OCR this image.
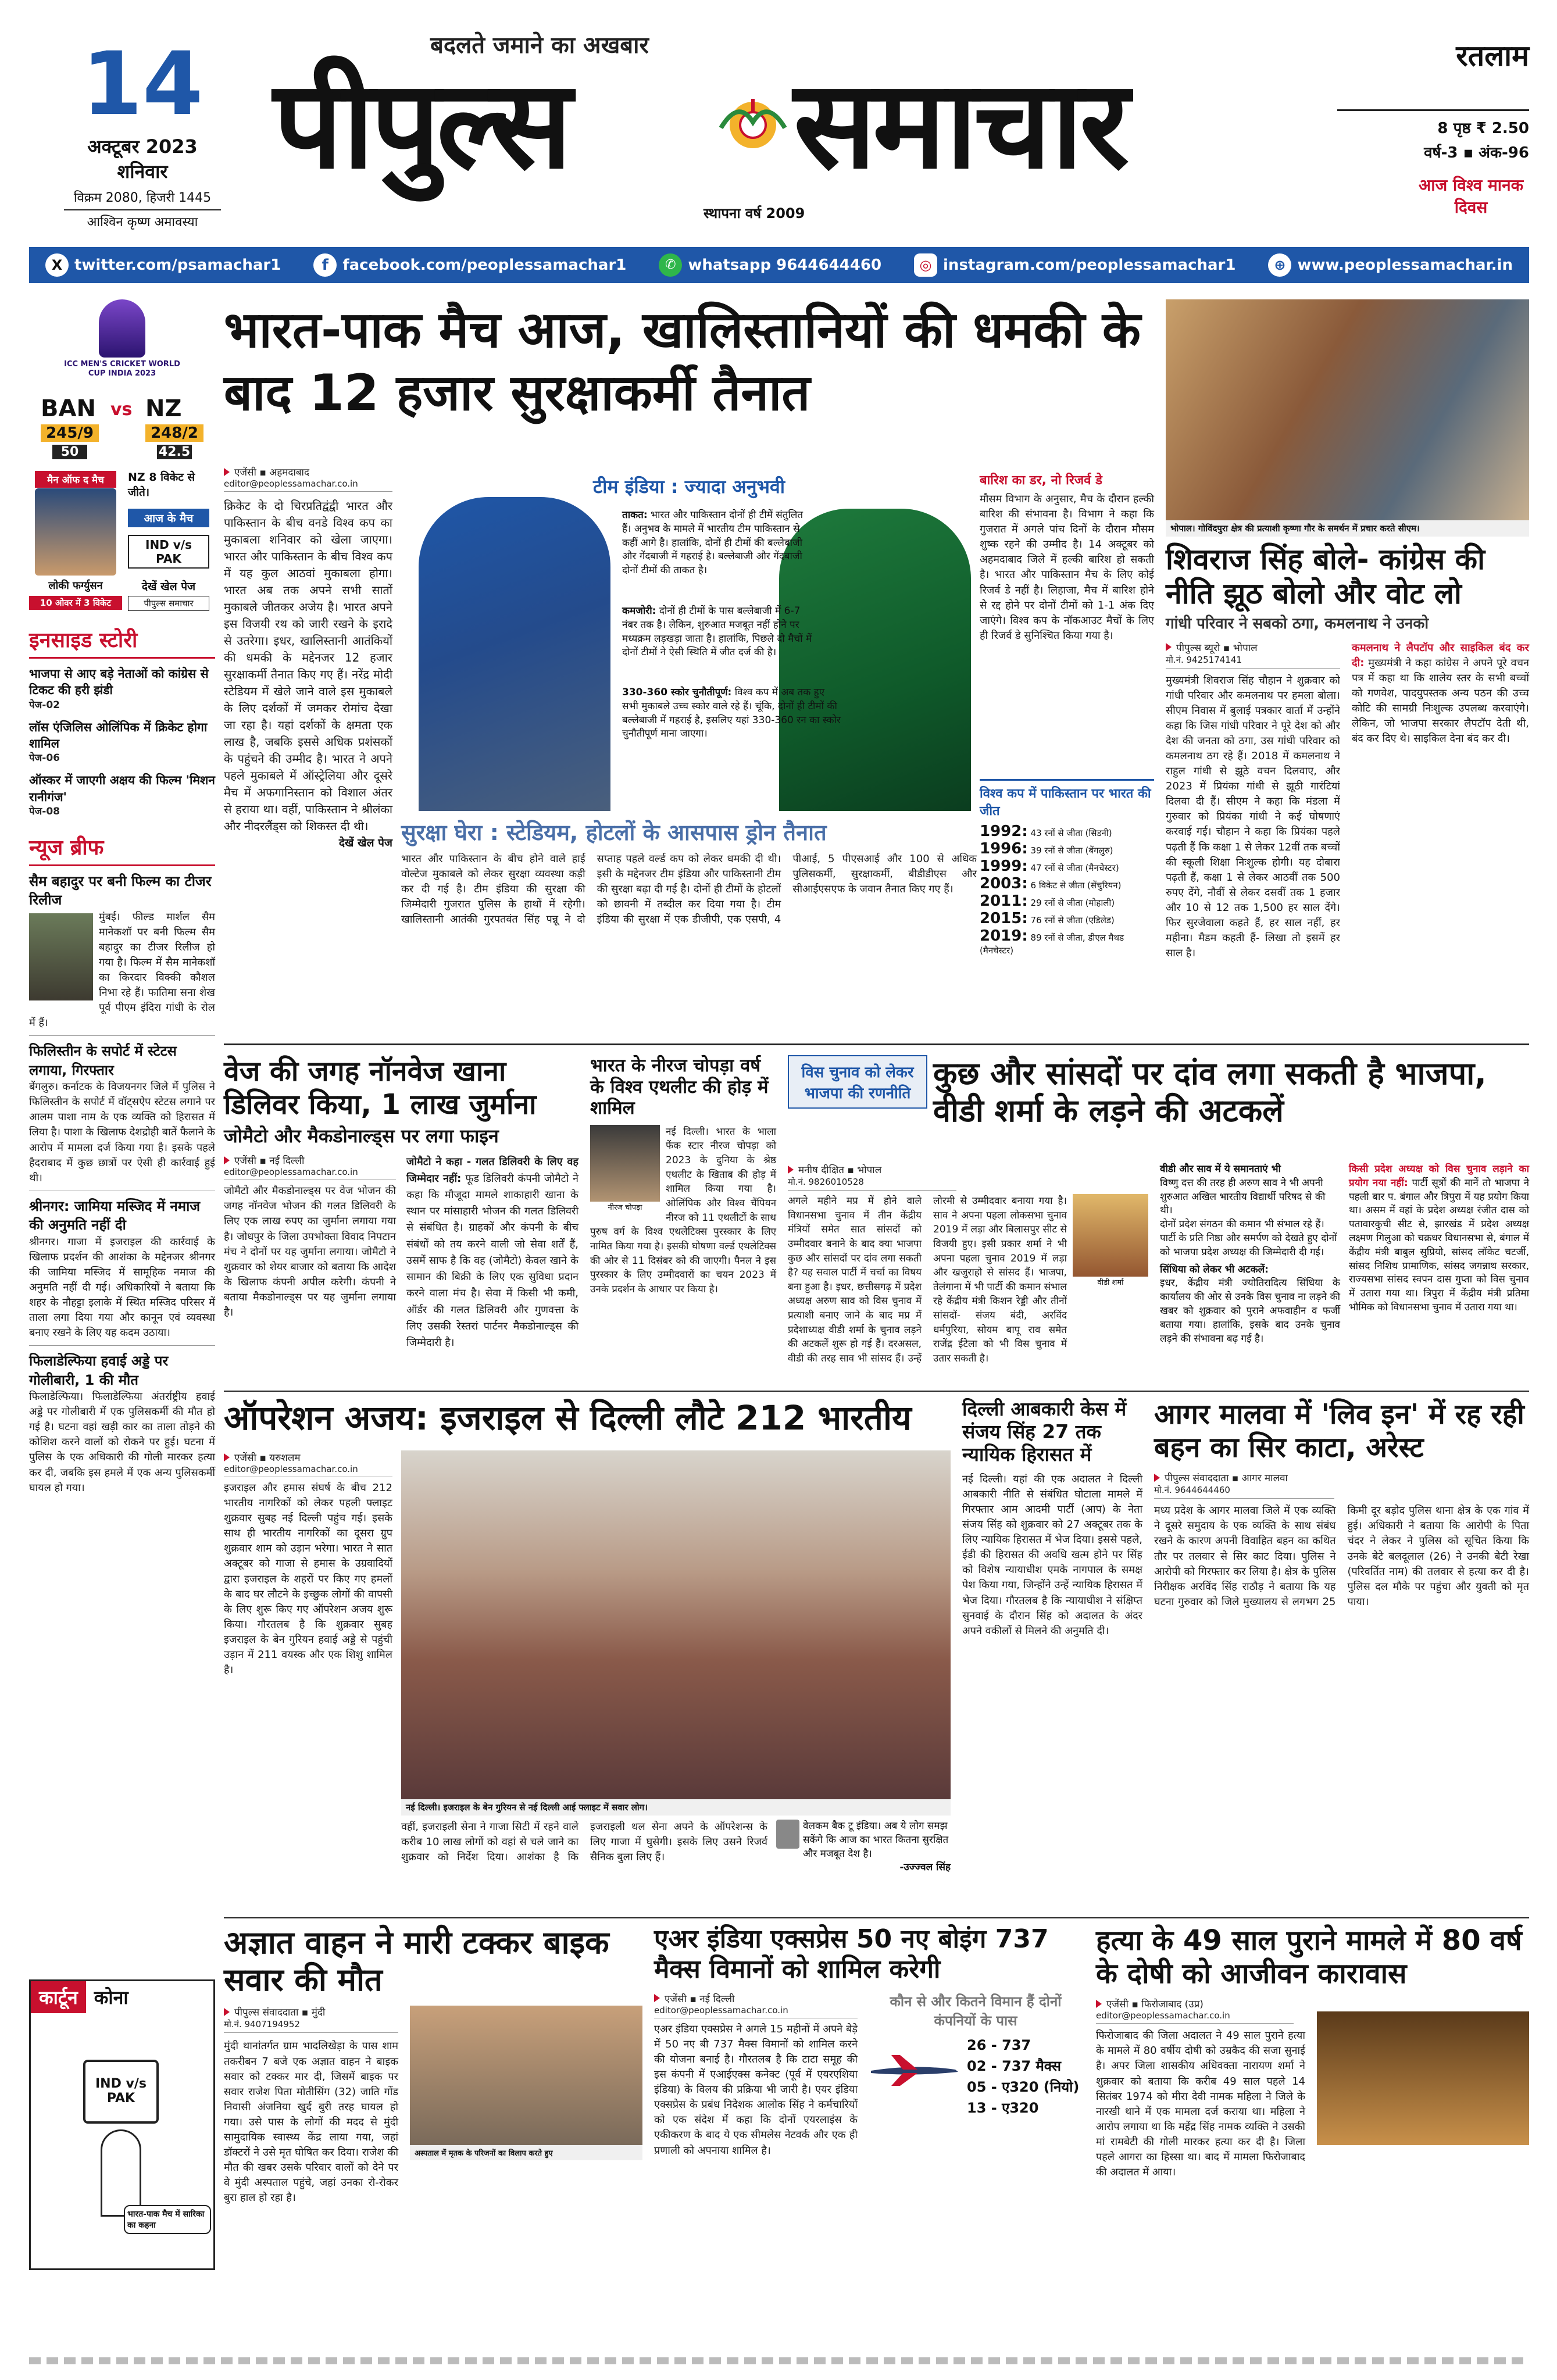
14
अक्टूबर 2023
शनिवार
विक्रम 2080, हिजरी 1445
आश्विन कृष्ण अमावस्या
बदलते जमाने का अखबार
पीपुल्स समाचार
स्थापना वर्ष 2009
रतलाम
8 पृष्ठ ₹ 2.50
वर्ष-3 ▪ अंक-96
आज विश्व मानक दिवस
X twitter.com/psamachar1	f facebook.com/peoplessamachar1	✆ whatsapp 9644644460	◎ instagram.com/peoplessamachar1	⊕ www.peoplessamachar.in
ICC MEN'S CRICKET WORLD CUP INDIA 2023
BAN vs NZ
245/9	248/2
50	42.5
मैन ऑफ द मैच	NZ 8 विकेट से जीते।
आज के मैच
IND v/s PAK
लोकी फर्ग्युसन	देखें खेल पेज
10 ओवर में 3 विकेट	पीपुल्स समाचार
इनसाइड स्टोरी
भाजपा से आए बड़े नेताओं को कांग्रेस से टिकट की हरी झंडी
पेज-02
लॉस एंजिलिस ओलिंपिक में क्रिकेट होगा शामिल
पेज-06
ऑस्कर में जाएगी अक्षय की फिल्म 'मिशन रानीगंज'
पेज-08
न्यूज ब्रीफ
सैम बहादुर पर बनी फिल्म का टीजर रिलीज
मुंबई। फील्ड मार्शल सैम मानेकशॉ पर बनी फिल्म सैम बहादुर का टीजर रिलीज हो गया है। फिल्म में सैम मानेकशॉ का किरदार विक्की कौशल निभा रहे हैं। फातिमा सना शेख पूर्व पीएम इंदिरा गांधी के रोल में हैं।
फिलिस्तीन के सपोर्ट में स्टेटस लगाया, गिरफ्तार
बेंगलुरु। कर्नाटक के विजयनगर जिले में पुलिस ने फिलिस्तीन के सपोर्ट में वॉट्सऐप स्टेटस लगाने पर आलम पाशा नाम के एक व्यक्ति को हिरासत में लिया है। पाशा के खिलाफ देशद्रोही बातें फैलाने के आरोप में मामला दर्ज किया गया है। इसके पहले हैदराबाद में कुछ छात्रों पर ऐसी ही कार्रवाई हुई थी।
श्रीनगर: जामिया मस्जिद में नमाज की अनुमति नहीं दी
श्रीनगर। गाजा में इजराइल की कार्रवाई के खिलाफ प्रदर्शन की आशंका के मद्देनजर श्रीनगर की जामिया मस्जिद में सामूहिक नमाज की अनुमति नहीं दी गई। अधिकारियों ने बताया कि शहर के नौहट्टा इलाके में स्थित मस्जिद परिसर में ताला लगा दिया गया और कानून एवं व्यवस्था बनाए रखने के लिए यह कदम उठाया।
फिलाडेल्फिया हवाई अड्डे पर गोलीबारी, 1 की मौत
फिलाडेल्फिया। फिलाडेल्फिया अंतर्राष्ट्रीय हवाई अड्डे पर गोलीबारी में एक पुलिसकर्मी की मौत हो गई है। घटना वहां खड़ी कार का ताला तोड़ने की कोशिश करने वालों को रोकने पर हुई। घटना में पुलिस के एक अधिकारी की गोली मारकर हत्या कर दी, जबकि इस हमले में एक अन्य पुलिसकर्मी घायल हो गया।
कार्टून कोना
IND v/s PAK
भारत-पाक मैच में सारिका का कहना
भारत-पाक मैच आज, खालिस्तानियों की धमकी के बाद 12 हजार सुरक्षाकर्मी तैनात
एजेंसी ▪ अहमदाबाद
editor@peoplessamachar.co.in
क्रिकेट के दो चिरप्रतिद्वंद्वी भारत और पाकिस्तान के बीच वनडे विश्व कप का मुकाबला शनिवार को खेला जाएगा। भारत और पाकिस्तान के बीच विश्व कप में यह कुल आठवां मुकाबला होगा। भारत अब तक अपने सभी सातों मुकाबले जीतकर अजेय है। भारत अपने इस विजयी रथ को जारी रखने के इरादे से उतरेगा। इधर, खालिस्तानी आतंकियों की धमकी के मद्देनजर 12 हजार सुरक्षाकर्मी तैनात किए गए हैं। नरेंद्र मोदी स्टेडियम में खेले जाने वाले इस मुकाबले के लिए दर्शकों में जमकर रोमांच देखा जा रहा है। यहां दर्शकों के क्षमता एक लाख है, जबकि इससे अधिक प्रशंसकों के पहुंचने की उम्मीद है। भारत ने अपने पहले मुकाबले में ऑस्ट्रेलिया और दूसरे मैच में अफगानिस्तान को विशाल अंतर से हराया था। वहीं, पाकिस्तान ने श्रीलंका और नीदरलैंड्स को शिकस्त दी थी।
देखें खेल पेज
टीम इंडिया : ज्यादा अनुभवी
ताकत: भारत और पाकिस्तान दोनों ही टीमें संतुलित हैं। अनुभव के मामले में भारतीय टीम पाकिस्तान से कहीं आगे है। हालांकि, दोनों ही टीमों की बल्लेबाजी और गेंदबाजी में गहराई है। बल्लेबाजी और गेंदबाजी दोनों टीमों की ताकत है।
कमजोरी: दोनों ही टीमों के पास बल्लेबाजी में 6-7 नंबर तक है। लेकिन, शुरुआत मजबूत नहीं होने पर मध्यक्रम लड़खड़ा जाता है। हालांकि, पिछले दो मैचों में दोनों टीमों ने ऐसी स्थिति में जीत दर्ज की है।
330-360 स्कोर चुनौतीपूर्ण: विश्व कप में अब तक हुए सभी मुकाबले उच्च स्कोर वाले रहे हैं। चूंकि, दोनों ही टीमों की बल्लेबाजी में गहराई है, इसलिए यहां 330-360 रन का स्कोर चुनौतीपूर्ण माना जाएगा।
बारिश का डर, नो रिजर्व डे
मौसम विभाग के अनुसार, मैच के दौरान हल्की बारिश की संभावना है। विभाग ने कहा कि गुजरात में अगले पांच दिनों के दौरान मौसम शुष्क रहने की उम्मीद है। 14 अक्टूबर को अहमदाबाद जिले में हल्की बारिश हो सकती है। भारत और पाकिस्तान मैच के लिए कोई रिजर्व डे नहीं है। लिहाजा, मैच में बारिश होने से रद्द होने पर दोनों टीमों को 1-1 अंक दिए जाएंगे। विश्व कप के नॉकआउट मैचों के लिए ही रिजर्व डे सुनिश्चित किया गया है।
विश्व कप में पाकिस्तान पर भारत की जीत
1992: 43 रनों से जीता (सिडनी)
1996: 39 रनों से जीता (बेंगलुरु)
1999: 47 रनों से जीता (मैनचेस्टर)
2003: 6 विकेट से जीता (सेंचुरियन)
2011: 29 रनों से जीता (मोहाली)
2015: 76 रनों से जीता (एडिलेड)
2019: 89 रनों से जीता, डीएल मैथड (मैनचेस्टर)
सुरक्षा घेरा : स्टेडियम, होटलों के आसपास ड्रोन तैनात
भारत और पाकिस्तान के बीच होने वाले हाई वोल्टेज मुकाबले को लेकर सुरक्षा व्यवस्था कड़ी कर दी गई है। टीम इंडिया की सुरक्षा की जिम्मेदारी गुजरात पुलिस के हाथों में रहेगी। खालिस्तानी आतंकी गुरपतवंत सिंह पन्नू ने दो सप्ताह पहले वर्ल्ड कप को लेकर धमकी दी थी। इसी के मद्देनजर टीम इंडिया और पाकिस्तानी टीम की सुरक्षा बढ़ा दी गई है। दोनों ही टीमों के होटलों को छावनी में तब्दील कर दिया गया है। टीम इंडिया की सुरक्षा में एक डीजीपी, एक एसपी, 4 पीआई, 5 पीएसआई और 100 से अधिक पुलिसकर्मी, सुरक्षाकर्मी, बीडीडीएस और सीआईएसएफ के जवान तैनात किए गए हैं।
भोपाल। गोविंदपुरा क्षेत्र की प्रत्याशी कृष्णा गौर के समर्थन में प्रचार करते सीएम।
शिवराज सिंह बोले- कांग्रेस की नीति झूठ बोलो और वोट लो
गांधी परिवार ने सबको ठगा, कमलनाथ ने उनको
पीपुल्स ब्यूरो ▪ भोपाल
मो.नं. 9425174141
मुख्यमंत्री शिवराज सिंह चौहान ने शुक्रवार को गांधी परिवार और कमलनाथ पर हमला बोला। सीएम निवास में बुलाई पत्रकार वार्ता में उन्होंने कहा कि जिस गांधी परिवार ने पूरे देश को और देश की जनता को ठगा, उस गांधी परिवार को कमलनाथ ठग रहे हैं। 2018 में कमलनाथ ने राहुल गांधी से झूठे वचन दिलवाए, और 2023 में प्रियंका गांधी से झूठी गारंटियां दिलवा दी हैं। सीएम ने कहा कि मंडला में गुरुवार को प्रियंका गांधी ने कई घोषणाएं करवाई गई। चौहान ने कहा कि प्रियंका पहले पढ़ती हैं कि कक्षा 1 से लेकर 12वीं तक बच्चों की स्कूली शिक्षा निःशुल्क होगी। यह दोबारा पढ़ती हैं, कक्षा 1 से लेकर आठवीं तक 500 रुपए देंगे, नौवीं से लेकर दसवीं तक 1 हजार और 10 से 12 तक 1,500 हर साल देंगे। फिर सुरजेवाला कहते हैं, हर साल नहीं, हर महीना। मैडम कहती हैं- लिखा तो इसमें हर साल है।
कमलनाथ ने लैपटॉप और साइकिल बंद कर दी: मुख्यमंत्री ने कहा कांग्रेस ने अपने पूरे वचन पत्र में कहा था कि शालेय स्तर के सभी बच्चों को गणवेश, पादयुपस्तक अन्य पठन की उच्च कोटि की सामग्री निःशुल्क उपलब्ध करवाएंगे। लेकिन, जो भाजपा सरकार लैपटॉप देती थी, बंद कर दिए थे। साइकिल देना बंद कर दी।
वेज की जगह नॉनवेज खाना डिलिवर किया, 1 लाख जुर्माना
जोमैटो और मैकडोनाल्ड्स पर लगा फाइन
एजेंसी ▪ नई दिल्ली
editor@peoplessamachar.co.in
जोमैटो और मैकडोनाल्ड्स पर वेज भोजन की जगह नॉनवेज भोजन की गलत डिलिवरी के लिए एक लाख रुपए का जुर्माना लगाया गया है। जोधपुर के जिला उपभोक्ता विवाद निपटान मंच ने दोनों पर यह जुर्माना लगाया। जोमैटो ने शुक्रवार को शेयर बाजार को बताया कि आदेश के खिलाफ कंपनी अपील करेगी। कंपनी ने बताया मैकडोनाल्ड्स पर यह जुर्माना लगाया है।
जोमैटो ने कहा - गलत डिलिवरी के लिए वह जिम्मेदार नहीं: फूड डिलिवरी कंपनी जोमैटो ने कहा कि मौजूदा मामले शाकाहारी खाना के स्थान पर मांसाहारी भोजन की गलत डिलिवरी से संबंधित है। ग्राहकों और कंपनी के बीच संबंधों को तय करने वाली जो सेवा शर्तें हैं, उसमें साफ है कि वह (जोमैटो) केवल खाने के सामान की बिक्री के लिए एक सुविधा प्रदान करने वाला मंच है। सेवा में किसी भी कमी, ऑर्डर की गलत डिलिवरी और गुणवत्ता के लिए उसकी रेस्तरां पार्टनर मैकडोनाल्ड्स की जिम्मेदारी है।
भारत के नीरज चोपड़ा वर्ष के विश्व एथलीट की होड़ में शामिल
नीरज चोपड़ा
नई दिल्ली। भारत के भाला फेंक स्टार नीरज चोपड़ा को 2023 के दुनिया के श्रेष्ठ एथलीट के खिताब की होड़ में शामिल किया गया है। ओलिंपिक और विश्व चैंपियन नीरज को 11 एथलीटों के साथ पुरुष वर्ग के विश्व एथलेटिक्स पुरस्कार के लिए नामित किया गया है। इसकी घोषणा वर्ल्ड एथलेटिक्स की ओर से 11 दिसंबर को की जाएगी। पैनल ने इस पुरस्कार के लिए उम्मीदवारों का चयन 2023 में उनके प्रदर्शन के आधार पर किया है।
विस चुनाव को लेकर भाजपा की रणनीति
कुछ और सांसदों पर दांव लगा सकती है भाजपा, वीडी शर्मा के लड़ने की अटकलें
मनीष दीक्षित ▪ भोपाल
मो.नं. 9826010528
वीडी शर्मा
अगले महीने मप्र में होने वाले विधानसभा चुनाव में तीन केंद्रीय मंत्रियों समेत सात सांसदों को उम्मीदवार बनाने के बाद क्या भाजपा कुछ और सांसदों पर दांव लगा सकती है? यह सवाल पार्टी में चर्चा का विषय बना हुआ है। इधर, छत्तीसगढ़ में प्रदेश अध्यक्ष अरुण साव को विस चुनाव में प्रत्याशी बनाए जाने के बाद मप्र में प्रदेशाध्यक्ष वीडी शर्मा के चुनाव लड़ने की अटकलें शुरू हो गई हैं। दरअसल, वीडी की तरह साव भी सांसद हैं। उन्हें लोरमी से उम्मीदवार बनाया गया है। साव ने अपना पहला लोकसभा चुनाव 2019 में लड़ा और बिलासपुर सीट से विजयी हुए। इसी प्रकार शर्मा ने भी अपना पहला चुनाव 2019 में लड़ा और खजुराहो से सांसद हैं। भाजपा, तेलंगाना में भी पार्टी की कमान संभाल रहे केंद्रीय मंत्री किशन रेड्डी और तीनों सांसदों- संजय बंदी, अरविंद धर्मपुरिया, सोयम बापू राव समेत राजेंद्र ईटेला को भी विस चुनाव में उतार सकती है।
वीडी और साव में ये समानताएं भी
विष्णु दत्त की तरह ही अरुण साव ने भी अपनी शुरुआत अखिल भारतीय विद्यार्थी परिषद से की थी।
दोनों प्रदेश संगठन की कमान भी संभाल रहे हैं।
पार्टी के प्रति निष्ठा और समर्पण को देखते हुए दोनों को भाजपा प्रदेश अध्यक्ष की जिम्मेदारी दी गई।
सिंधिया को लेकर भी अटकलें:
इधर, केंद्रीय मंत्री ज्योतिरादित्य सिंधिया के कार्यालय की ओर से उनके विस चुनाव ना लड़ने की खबर को शुक्रवार को पुराने अफवाहीन व फर्जी बताया गया। हालांकि, इसके बाद उनके चुनाव लड़ने की संभावना बढ़ गई है।
किसी प्रदेश अध्यक्ष को विस चुनाव लड़ाने का प्रयोग नया नहीं: पार्टी सूत्रों की मानें तो भाजपा ने पहली बार प. बंगाल और त्रिपुरा में यह प्रयोग किया था। असम में वहां के प्रदेश अध्यक्ष रंजीत दास को पतावारकुची सीट से, झारखंड में प्रदेश अध्यक्ष लक्ष्मण गिलुआ को चक्रधर विधानसभा से, बंगाल में केंद्रीय मंत्री बाबुल सुप्रियो, सांसद लॉकेट चटर्जी, सांसद निशिथ प्रामाणिक, सांसद जगन्नाथ सरकार, राज्यसभा सांसद स्वपन दास गुप्ता को विस चुनाव में उतारा गया था। त्रिपुरा में केंद्रीय मंत्री प्रतिमा भौमिक को विधानसभा चुनाव में उतारा गया था।
ऑपरेशन अजय: इजराइल से दिल्ली लौटे 212 भारतीय
एजेंसी ▪ यरुशलम
editor@peoplessamachar.co.in
इजराइल और हमास संघर्ष के बीच 212 भारतीय नागरिकों को लेकर पहली फ्लाइट शुक्रवार सुबह नई दिल्ली पहुंच गई। इसके साथ ही भारतीय नागरिकों का दूसरा ग्रुप शुक्रवार शाम को उड़ान भरेगा। भारत ने सात अक्टूबर को गाजा से हमास के उग्रवादियों द्वारा इजराइल के शहरों पर किए गए हमलों के बाद घर लौटने के इच्छुक लोगों की वापसी के लिए शुरू किए गए ऑपरेशन अजय शुरू किया। गौरतलब है कि शुक्रवार सुबह इजराइल के बेन गुरियन हवाई अड्डे से पहुंची उड़ान में 211 वयस्क और एक शिशु शामिल है।
नई दिल्ली। इजराइल के बेन गुरियन से नई दिल्ली आई फ्लाइट में सवार लोग।
वहीं, इजराइली सेना ने गाजा सिटी में रहने वाले करीब 10 लाख लोगों को वहां से चले जाने का शुक्रवार को निर्देश दिया। आशंका है कि इजराइली थल सेना अपने के ऑपरेशन्स के लिए गाजा में घुसेगी। इसके लिए उसने रिजर्व सैनिक बुला लिए हैं।
वेलकम बैक टू इंडिया। अब ये लोग समझ सकेंगे कि आज का भारत कितना सुरक्षित और मजबूत देश है।
-उज्ज्वल सिंह
दिल्ली आबकारी केस में संजय सिंह 27 तक न्यायिक हिरासत में
नई दिल्ली। यहां की एक अदालत ने दिल्ली आबकारी नीति से संबंधित घोटाला मामले में गिरफ्तार आम आदमी पार्टी (आप) के नेता संजय सिंह को शुक्रवार को 27 अक्टूबर तक के लिए न्यायिक हिरासत में भेज दिया। इससे पहले, ईडी की हिरासत की अवधि खत्म होने पर सिंह को विशेष न्यायाधीश एमके नागपाल के समक्ष पेश किया गया, जिन्होंने उन्हें न्यायिक हिरासत में भेज दिया। गौरतलब है कि न्यायाधीश ने संक्षिप्त सुनवाई के दौरान सिंह को अदालत के अंदर अपने वकीलों से मिलने की अनुमति दी।
आगर मालवा में 'लिव इन' में रह रही बहन का सिर काटा, अरेस्ट
पीपुल्स संवाददाता ▪ आगर मालवा
मो.नं. 9644644460
मध्य प्रदेश के आगर मालवा जिले में एक व्यक्ति ने दूसरे समुदाय के एक व्यक्ति के साथ संबंध रखने के कारण अपनी विवाहित बहन का कथित तौर पर तलवार से सिर काट दिया। पुलिस ने आरोपी को गिरफ्तार कर लिया है। क्षेत्र के पुलिस निरीक्षक अरविंद सिंह राठौड़ ने बताया कि यह घटना गुरुवार को जिले मुख्यालय से लगभग 25 किमी दूर बड़ोद पुलिस थाना क्षेत्र के एक गांव में हुई। अधिकारी ने बताया कि आरोपी के पिता चंदर ने लेकर ने पुलिस को सूचित किया कि उनके बेटे बलदूलाल (26) ने उनकी बेटी रेखा (परिवर्तित नाम) की तलवार से हत्या कर दी है। पुलिस दल मौके पर पहुंचा और युवती को मृत पाया।
अज्ञात वाहन ने मारी टक्कर बाइक सवार की मौत
पीपुल्स संवाददाता ▪ मुंदी
मो.नं. 9407194952
अस्पताल में मृतक के परिजनों का विलाप करते हुए
मुंदी थानांतर्गत ग्राम भादलिखेड़ा के पास शाम तकरीबन 7 बजे एक अज्ञात वाहन ने बाइक सवार को टक्कर मार दी, जिसमें बाइक पर सवार राजेश पिता मोतीसिंग (32) जाति गोंड निवासी अंजनिया खुर्द बुरी तरह घायल हो गया। उसे पास के लोगों की मदद से मुंदी सामुदायिक स्वास्थ्य केंद्र लाया गया, जहां डॉक्टरों ने उसे मृत घोषित कर दिया। राजेश की मौत की खबर उसके परिवार वालों को देने पर वे मुंदी अस्पताल पहुंचे, जहां उनका रो-रोकर बुरा हाल हो रहा है।
एअर इंडिया एक्सप्रेस 50 नए बोइंग 737 मैक्स विमानों को शामिल करेगी
एजेंसी ▪ नई दिल्ली
editor@peoplessamachar.co.in
एअर इंडिया एक्सप्रेस ने अगले 15 महीनों में अपने बेड़े में 50 नए बी 737 मैक्स विमानों को शामिल करने की योजना बनाई है। गौरतलब है कि टाटा समूह की इस कंपनी में एआईएक्स कनेक्ट (पूर्व में एयरएशिया इंडिया) के विलय की प्रक्रिया भी जारी है। एयर इंडिया एक्सप्रेस के प्रबंध निदेशक आलोक सिंह ने कर्मचारियों को एक संदेश में कहा कि दोनों एयरलाइंस के एकीकरण के बाद ये एक सीमलेस नेटवर्क और एक ही प्रणाली को अपनाया शामिल है।
कौन से और कितने विमान हैं दोनों कंपनियों के पास
26 - 737
02 - 737 मैक्स
05 - ए320 (नियो)
13 - ए320
हत्या के 49 साल पुराने मामले में 80 वर्ष के दोषी को आजीवन कारावास
एजेंसी ▪ फिरोजाबाद (उप्र)
editor@peoplessamachar.co.in
फिरोजाबाद की जिला अदालत ने 49 साल पुराने हत्या के मामले में 80 वर्षीय दोषी को उम्रकैद की सजा सुनाई है। अपर जिला शासकीय अधिवक्ता नारायण शर्मा ने शुक्रवार को बताया कि करीब 49 साल पहले 14 सितंबर 1974 को मीरा देवी नामक महिला ने जिले के नारखी थाने में एक मामला दर्ज कराया था। महिला ने आरोप लगाया था कि महेंद्र सिंह नामक व्यक्ति ने उसकी मां रामबेटी की गोली मारकर हत्या कर दी है। जिला पहले आगरा का हिस्सा था। बाद में मामला फिरोजाबाद की अदालत में आया।
